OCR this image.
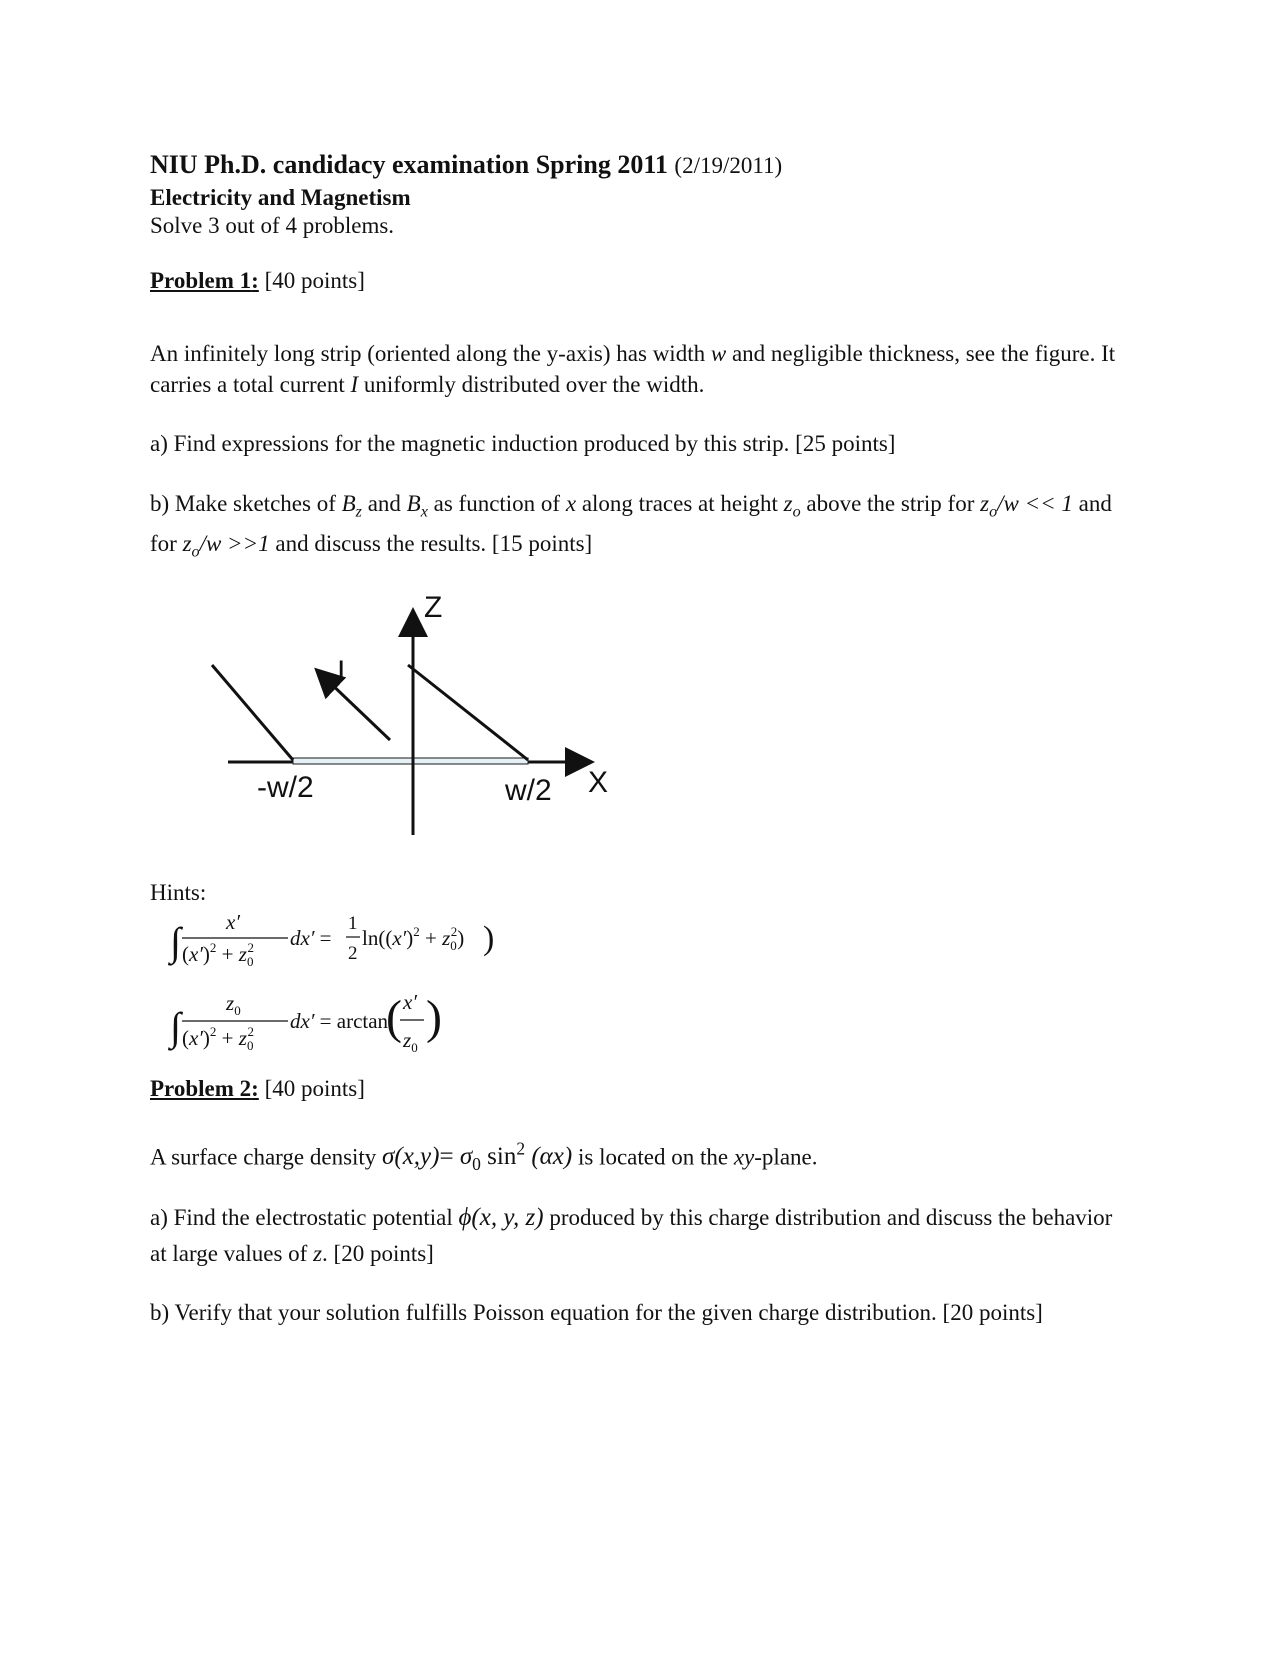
NIU Ph.D. candidacy examination Spring 2011 (2/19/2011)
Electricity and Magnetism
Solve 3 out of 4 problems.
Problem 1: [40 points]
An infinitely long strip (oriented along the y-axis) has width w and negligible thickness, see the figure. It carries a total current I uniformly distributed over the width.
a) Find expressions for the magnetic induction produced by this strip. [25 points]
b) Make sketches of $B_z$ and $B_x$ as function of x along traces at height $z_o$ above the strip for $z_o/w << 1$ and for $z_o/w >>1$ and discuss the results. [15 points]
Z
X
I
-w/2	w/2
Hints:
∫ x′
$(x')^2 + z_02$ dx′ =
1
2
$\ln((x')^2 + z_02)$ )
∫
$z_0$
$(x')^2 + z_02$ dx′ = arctan
( x′
$z_0$
)
Problem 2: [40 points]
A surface charge density $\sigma(x,y)= \sigma_0$ $\sin^2 (\alpha x)$ is located on the xy-plane.
a) Find the electrostatic potential ϕ(x, y, z) produced by this charge distribution and discuss the behavior at large values of z. [20 points]
b) Verify that your solution fulfills Poisson equation for the given charge distribution. [20 points]
